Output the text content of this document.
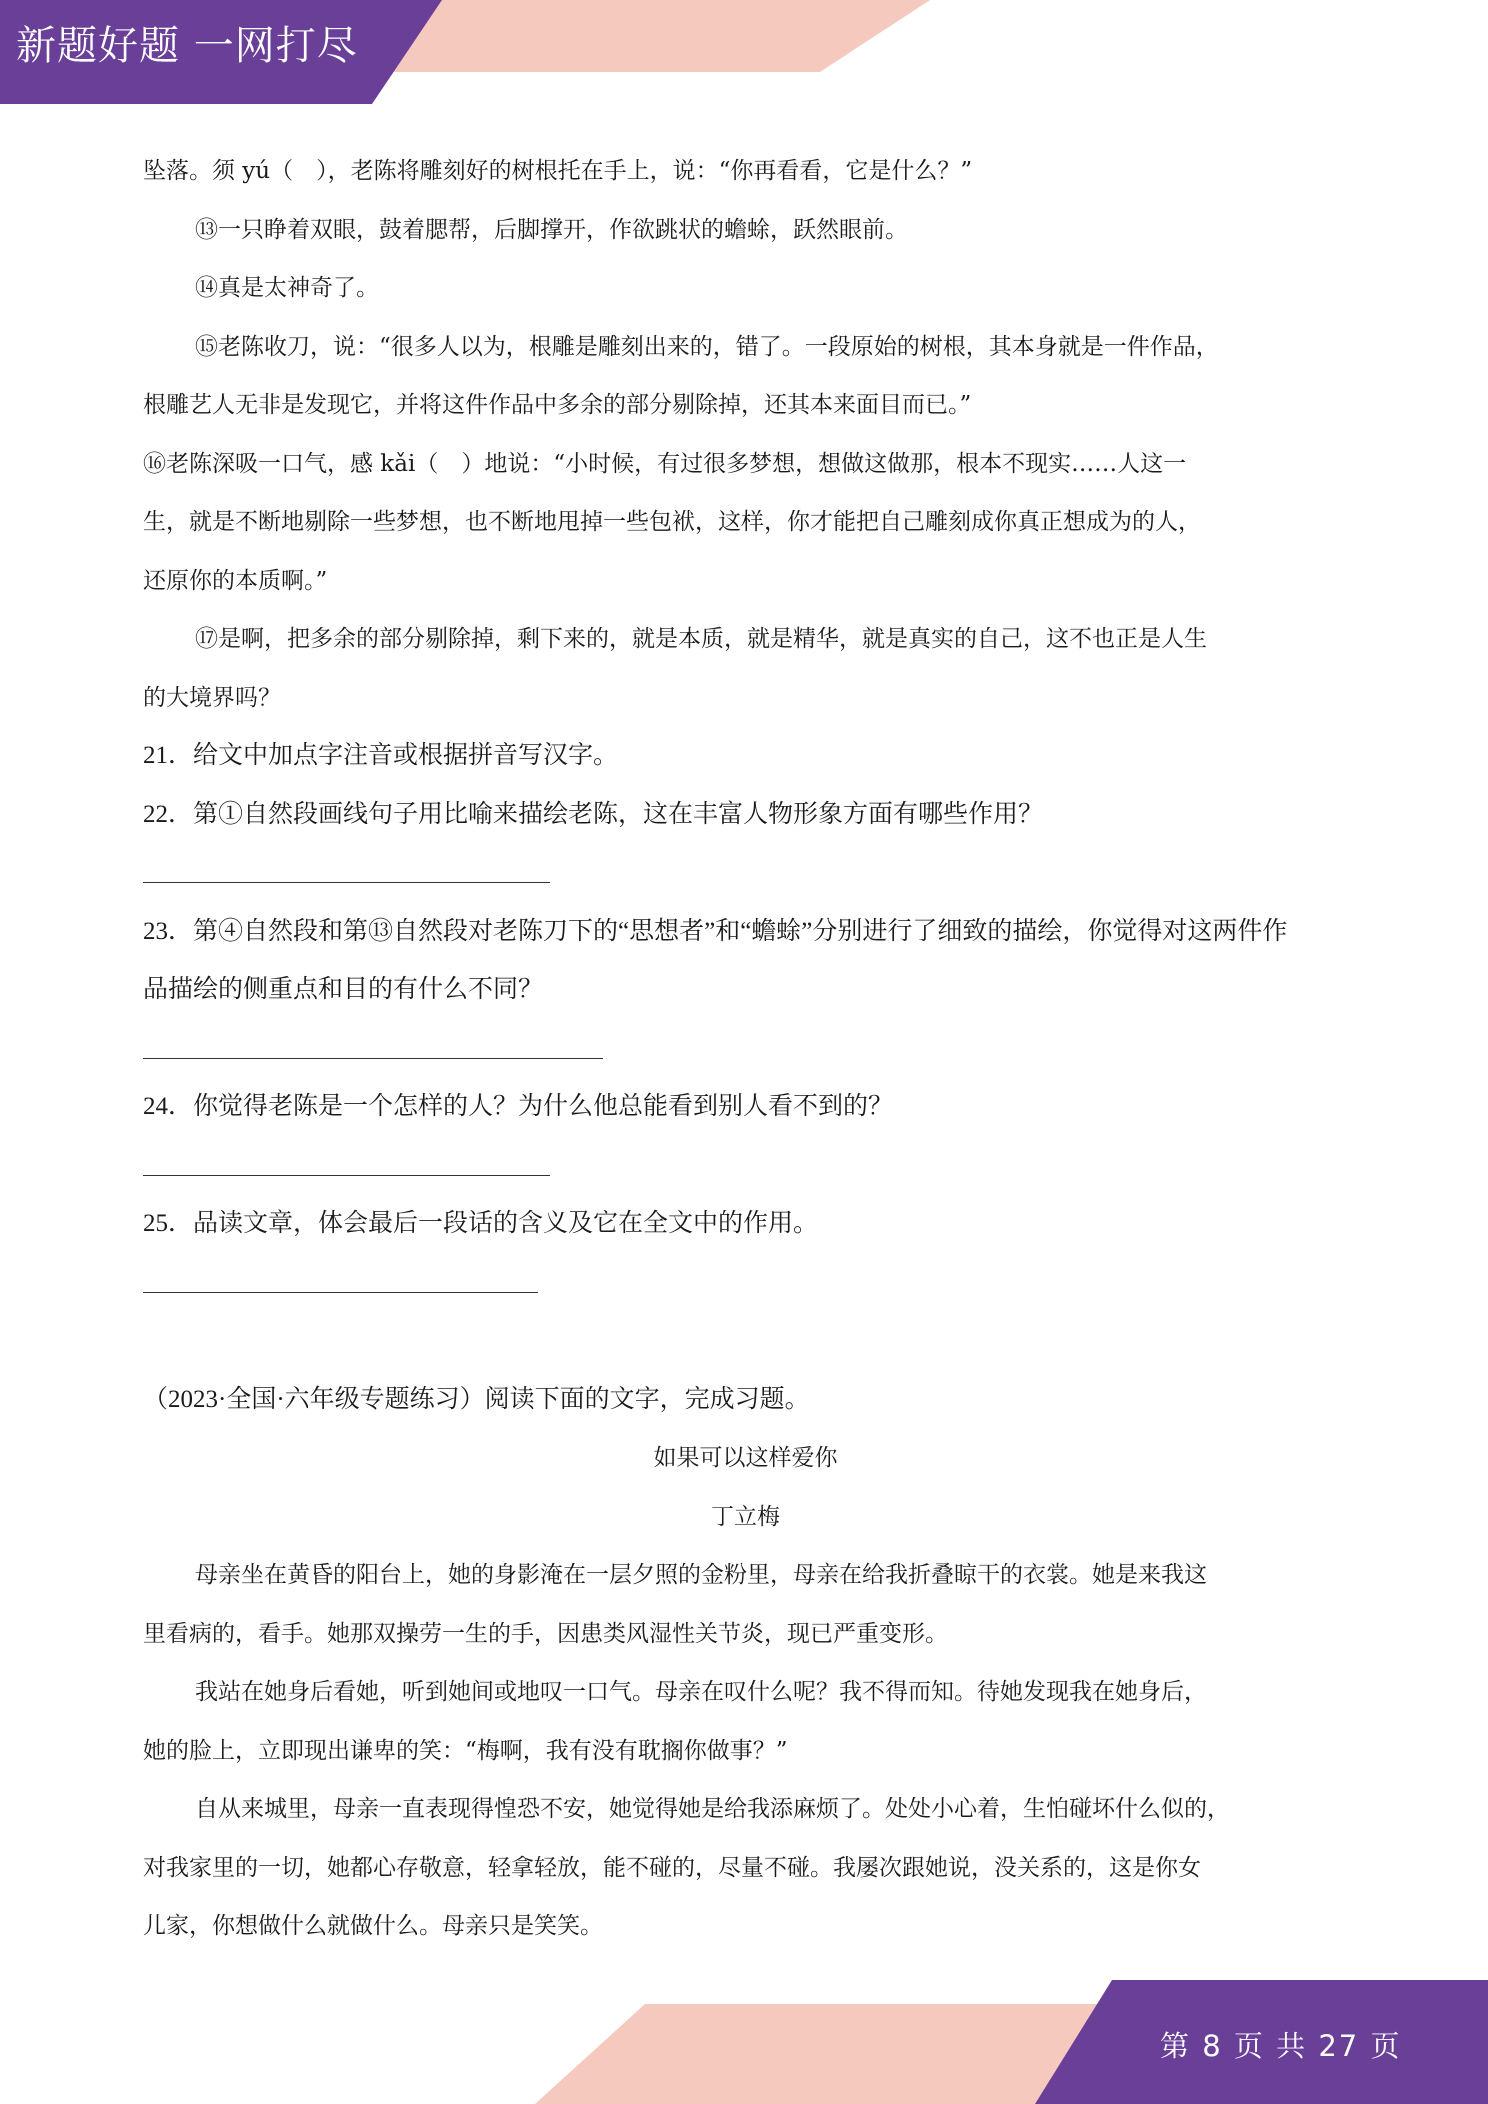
新题好题 一网打尽

坠落。须 yú（　），老陈将雕刻好的树根托在手上，说：“你再看看，它是什么？”

⑬一只睁着双眼，鼓着腮帮，后脚撑开，作欲跳状的蟾蜍，跃然眼前。

⑭真是太神奇了。

⑮老陈收刀，说：“很多人以为，根雕是雕刻出来的，错了。一段原始的树根，其本身就是一件作品，

根雕艺人无非是发现它，并将这件作品中多余的部分剔除掉，还其本来面目而已。”

⑯老陈深吸一口气，感 kǎi（　）地说：“小时候，有过很多梦想，想做这做那，根本不现实……人这一

生，就是不断地剔除一些梦想，也不断地甩掉一些包袱，这样，你才能把自己雕刻成你真正想成为的人，

还原你的本质啊。”

⑰是啊，把多余的部分剔除掉，剩下来的，就是本质，就是精华，就是真实的自己，这不也正是人生

的大境界吗？

21．给文中加点字注音或根据拼音写汉字。

22．第①自然段画线句子用比喻来描绘老陈，这在丰富人物形象方面有哪些作用？

23．第④自然段和第⑬自然段对老陈刀下的“思想者”和“蟾蜍”分别进行了细致的描绘，你觉得对这两件作

品描绘的侧重点和目的有什么不同？

24．你觉得老陈是一个怎样的人？为什么他总能看到别人看不到的？

25．品读文章，体会最后一段话的含义及它在全文中的作用。

（2023·全国·六年级专题练习）阅读下面的文字，完成习题。

如果可以这样爱你

丁立梅

母亲坐在黄昏的阳台上，她的身影淹在一层夕照的金粉里，母亲在给我折叠晾干的衣裳。她是来我这

里看病的，看手。她那双操劳一生的手，因患类风湿性关节炎，现已严重变形。

我站在她身后看她，听到她间或地叹一口气。母亲在叹什么呢？我不得而知。待她发现我在她身后，

她的脸上，立即现出谦卑的笑：“梅啊，我有没有耽搁你做事？”

自从来城里，母亲一直表现得惶恐不安，她觉得她是给我添麻烦了。处处小心着，生怕碰坏什么似的，

对我家里的一切，她都心存敬意，轻拿轻放，能不碰的，尽量不碰。我屡次跟她说，没关系的，这是你女

儿家，你想做什么就做什么。母亲只是笑笑。

第 8 页 共 27 页
